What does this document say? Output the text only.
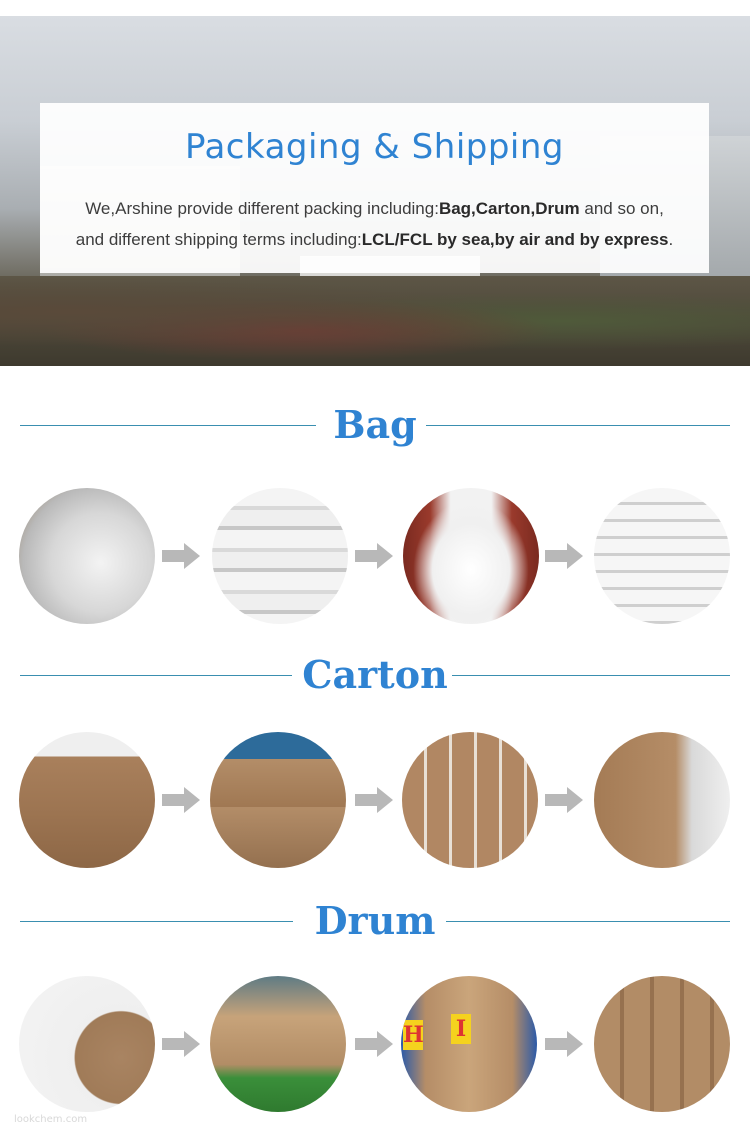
Packaging & Shipping
We,Arshine provide different packing including:Bag,Carton,Drum and so on,
and different shipping terms including:LCL/FCL by sea,by air and by express.
Bag
Carton
Drum
H I
lookchem.com
